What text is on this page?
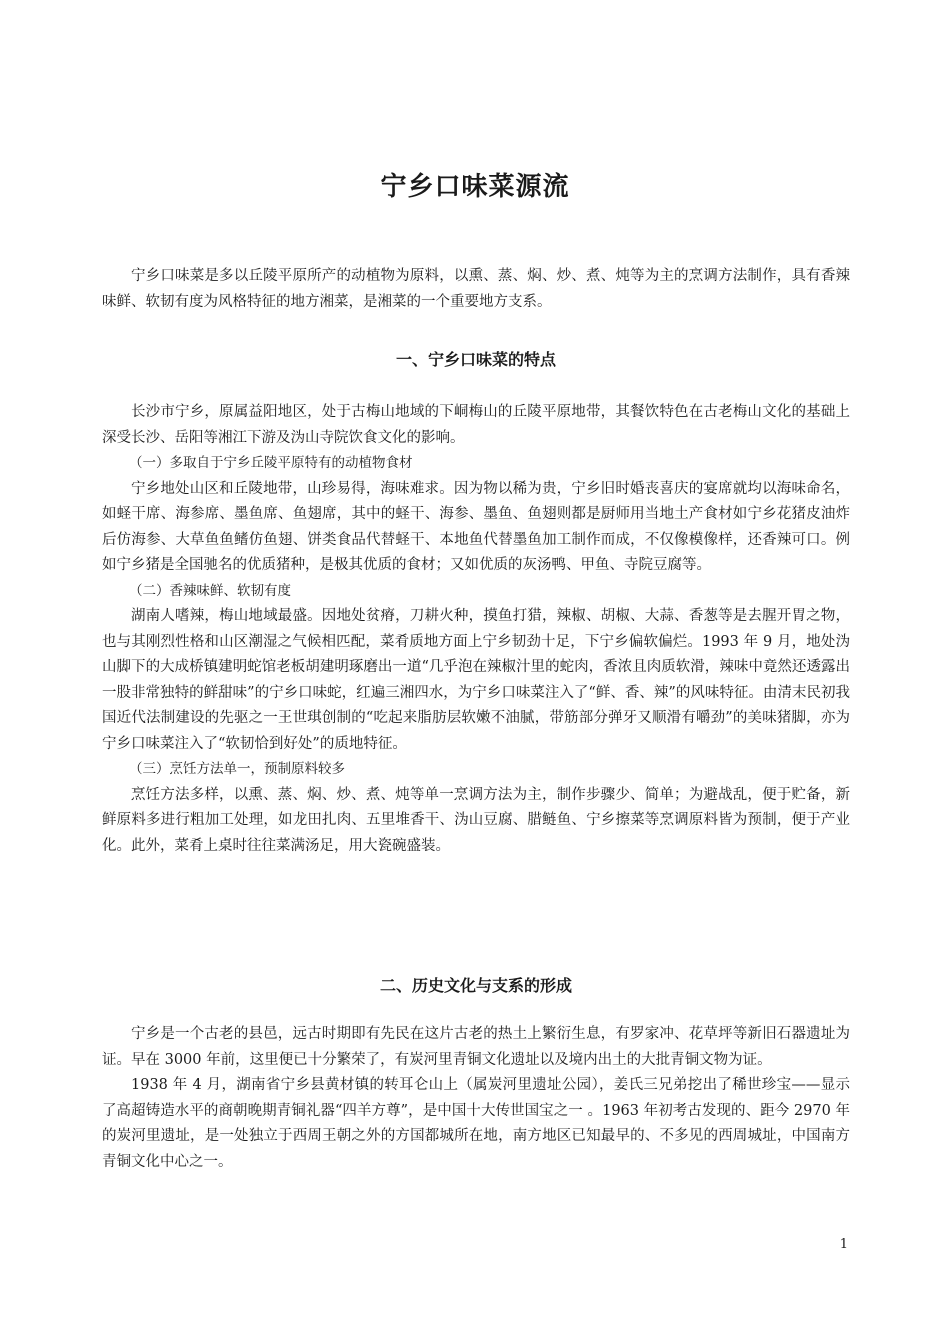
宁乡口味菜源流

宁乡口味菜是多以丘陵平原所产的动植物为原料，以熏、蒸、焖、炒、煮、炖等为主的烹调方法制作，具有香辣味鲜、软韧有度为风格特征的地方湘菜，是湘菜的一个重要地方支系。

一、宁乡口味菜的特点

长沙市宁乡，原属益阳地区，处于古梅山地域的下峒梅山的丘陵平原地带，其餐饮特色在古老梅山文化的基础上深受长沙、岳阳等湘江下游及沩山寺院饮食文化的影响。

（一）多取自于宁乡丘陵平原特有的动植物食材

宁乡地处山区和丘陵地带，山珍易得，海味难求。因为物以稀为贵，宁乡旧时婚丧喜庆的宴席就均以海味命名，如蛏干席、海参席、墨鱼席、鱼翅席，其中的蛏干、海参、墨鱼、鱼翅则都是厨师用当地土产食材如宁乡花猪皮油炸后仿海参、大草鱼鱼鳍仿鱼翅、饼类食品代替蛏干、本地鱼代替墨鱼加工制作而成，不仅像模像样，还香辣可口。例如宁乡猪是全国驰名的优质猪种，是极其优质的食材；又如优质的灰汤鸭、甲鱼、寺院豆腐等。

（二）香辣味鲜、软韧有度

湖南人嗜辣，梅山地域最盛。因地处贫瘠，刀耕火种，摸鱼打猎，辣椒、胡椒、大蒜、香葱等是去腥开胃之物，也与其刚烈性格和山区潮湿之气候相匹配，菜肴质地方面上宁乡韧劲十足，下宁乡偏软偏烂。1993 年 9 月，地处沩山脚下的大成桥镇建明蛇馆老板胡建明琢磨出一道“几乎泡在辣椒汁里的蛇肉，香浓且肉质软滑，辣味中竟然还透露出一股非常独特的鲜甜味”的宁乡口味蛇，红遍三湘四水，为宁乡口味菜注入了“鲜、香、辣”的风味特征。由清末民初我国近代法制建设的先驱之一王世琪创制的“吃起来脂肪层软嫩不油腻，带筋部分弹牙又顺滑有嚼劲”的美味猪脚，亦为宁乡口味菜注入了“软韧恰到好处”的质地特征。

（三）烹饪方法单一，预制原料较多

烹饪方法多样，以熏、蒸、焖、炒、煮、炖等单一烹调方法为主，制作步骤少、简单；为避战乱，便于贮备，新鲜原料多进行粗加工处理，如龙田扎肉、五里堆香干、沩山豆腐、腊鲢鱼、宁乡擦菜等烹调原料皆为预制，便于产业化。此外，菜肴上桌时往往菜满汤足，用大瓷碗盛装。

二、历史文化与支系的形成

宁乡是一个古老的县邑，远古时期即有先民在这片古老的热土上繁衍生息，有罗家冲、花草坪等新旧石器遗址为证。早在 3000 年前，这里便已十分繁荣了，有炭河里青铜文化遗址以及境内出土的大批青铜文物为证。

1938 年 4 月，湖南省宁乡县黄材镇的转耳仑山上（属炭河里遗址公园），姜氏三兄弟挖出了稀世珍宝——显示了高超铸造水平的商朝晚期青铜礼器“四羊方尊”，是中国十大传世国宝之一 。1963 年初考古发现的、距今 2970 年的炭河里遗址，是一处独立于西周王朝之外的方国都城所在地，南方地区已知最早的、不多见的西周城址，中国南方青铜文化中心之一。

1
